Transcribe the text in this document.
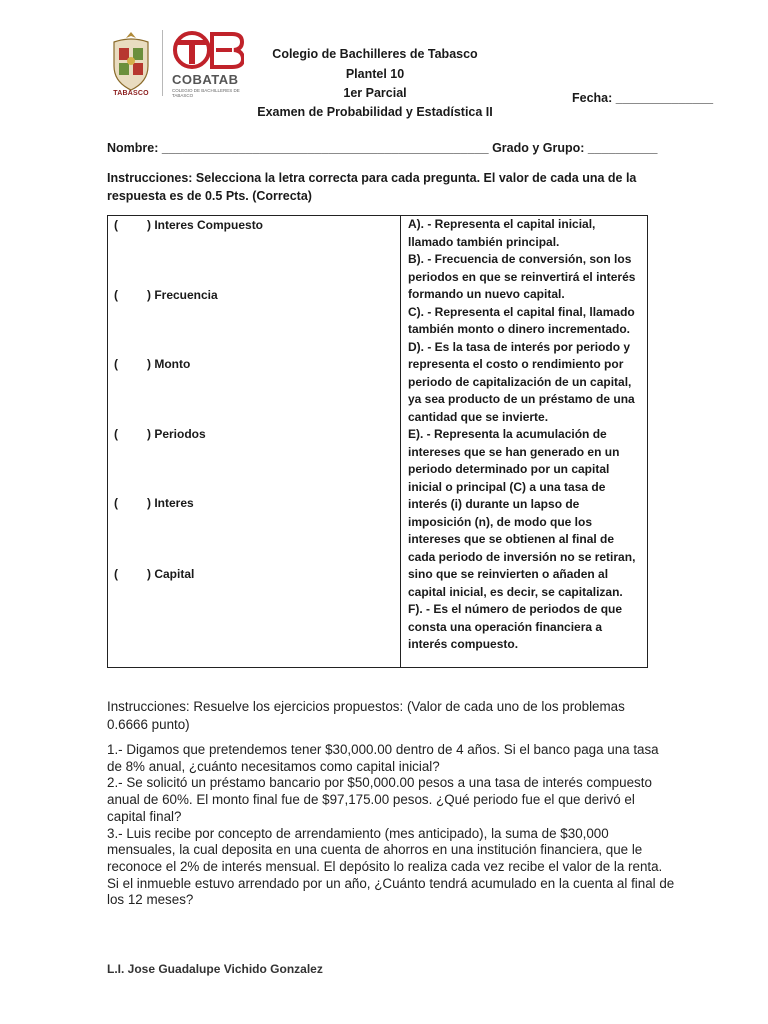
TABASCO
COBATAB
COLEGIO DE BACHILLERES DE TABASCO
Colegio de Bachilleres de Tabasco
Plantel 10
1er Parcial
Examen de Probabilidad y Estadística II
Fecha: ______________
Nombre: _______________________________________________ Grado y Grupo: __________
Instrucciones: Selecciona la letra correcta para cada pregunta. El valor de cada una de la respuesta es de 0.5 Pts. (Correcta)
( ) Interes Compuesto
( ) Frecuencia
( ) Monto
( ) Periodos
( ) Interes
( ) Capital
A). - Representa el capital inicial, llamado también principal.
B). - Frecuencia de conversión, son los periodos en que se reinvertirá el interés formando un nuevo capital.
C). - Representa el capital final, llamado también monto o dinero incrementado.
D). - Es la tasa de interés por periodo y representa el costo o rendimiento por periodo de capitalización de un capital, ya sea producto de un préstamo de una cantidad que se invierte.
E). - Representa la acumulación de intereses que se han generado en un periodo determinado por un capital inicial o principal (C) a una tasa de interés (i) durante un lapso de imposición (n), de modo que los intereses que se obtienen al final de cada periodo de inversión no se retiran, sino que se reinvierten o añaden al capital inicial, es decir, se capitalizan.
F). - Es el número de periodos de que consta una operación financiera a interés compuesto.
Instrucciones: Resuelve los ejercicios propuestos: (Valor de cada uno de los problemas 0.6666 punto)

1.- Digamos que pretendemos tener $30,000.00 dentro de 4 años. Si el banco paga una tasa de 8% anual, ¿cuánto necesitamos como capital inicial?

2.- Se solicitó un préstamo bancario por $50,000.00 pesos a una tasa de interés compuesto anual de 60%. El monto final fue de $97,175.00 pesos. ¿Qué periodo fue el que derivó el capital final?

3.- Luis recibe por concepto de arrendamiento (mes anticipado), la suma de $30,000 mensuales, la cual deposita en una cuenta de ahorros en una institución financiera, que le reconoce el 2% de interés mensual. El depósito lo realiza cada vez recibe el valor de la renta. Si el inmueble estuvo arrendado por un año, ¿Cuánto tendrá acumulado en la cuenta al final de los 12 meses?

L.I. Jose Guadalupe Vichido Gonzalez
